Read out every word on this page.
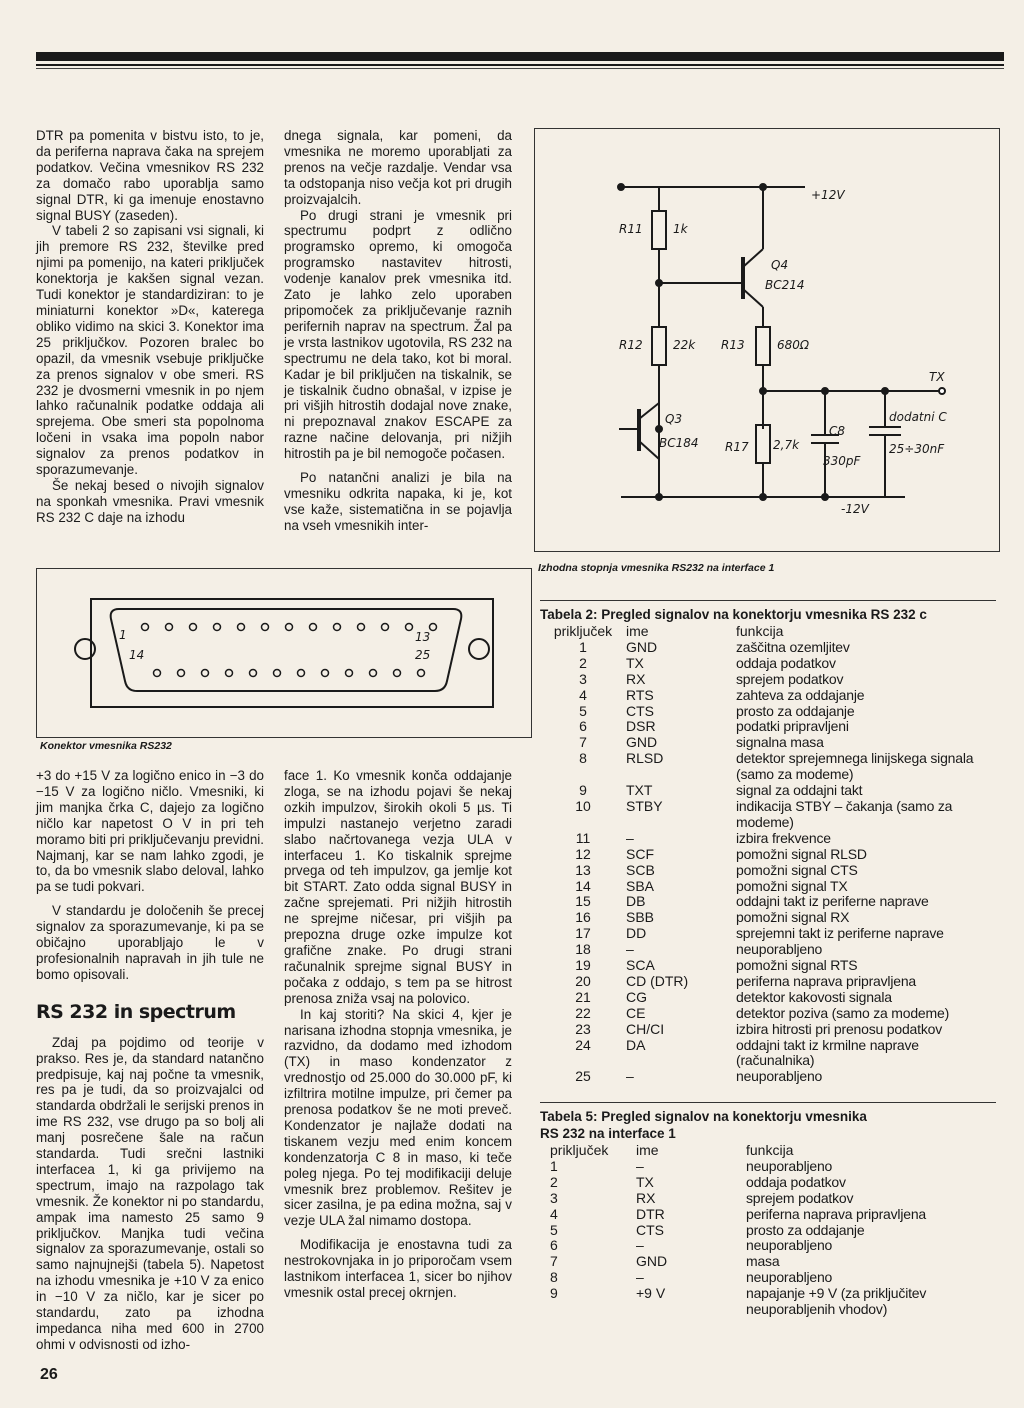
DTR pa pomenita v bistvu isto, to je, da periferna naprava čaka na sprejem podatkov. Večina vmesnikov RS 232 za domačo rabo uporablja samo signal DTR, ki ga imenuje enostavno signal BUSY (zaseden).

V tabeli 2 so zapisani vsi signali, ki jih premore RS 232, številke pred njimi pa pomenijo, na kateri priključek konektorja je kakšen signal vezan. Tudi konektor je standardiziran: to je miniaturni konektor »D«, katerega obliko vidimo na skici 3. Konektor ima 25 priključkov. Pozoren bralec bo opazil, da vmesnik vsebuje priključke za prenos signalov v obe smeri. RS 232 je dvosmerni vmesnik in po njem lahko računalnik podatke oddaja ali sprejema. Obe smeri sta popolnoma ločeni in vsaka ima popoln nabor signalov za prenos podatkov in sporazumevanje.

Še nekaj besed o nivojih signalov na sponkah vmesnika. Pravi vmesnik RS 232 C daje na izhodu

dnega signala, kar pomeni, da vmesnika ne moremo uporabljati za prenos na večje razdalje. Vendar vsa ta odstopanja niso večja kot pri drugih proizvajalcih.

Po drugi strani je vmesnik pri spectrumu podprt z odlično programsko opremo, ki omogoča programsko nastavitev hitrosti, vodenje kanalov prek vmesnika itd. Zato je lahko zelo uporaben pripomoček za priključevanje raznih perifernih naprav na spectrum. Žal pa je vrsta lastnikov ugotovila, RS 232 na spectrumu ne dela tako, kot bi moral. Kadar je bil priključen na tiskalnik, se je tiskalnik čudno obnašal, v izpise je pri višjih hitrostih dodajal nove znake, ni prepoznaval znakov ESCAPE za razne načine delovanja, pri nižjih hitrostih pa je bil nemogoče počasen.

Po natančni analizi je bila na vmesniku odkrita napaka, ki je, kot vse kaže, sistematična in se pojavlja na vseh vmesnikih inter-

+12V
R11	1k
Q4
BC214
R12	22k R13	680Ω
TX
Q3
BC184 R17 2,7k
C8
330pF
dodatni C
25÷30nF
-12V
Izhodna stopnja vmesnika RS232 na interface 1
1	13
14	25
Konektor vmesnika RS232

+3 do +15 V za logično enico in −3 do −15 V za logično ničlo. Vmesniki, ki jim manjka črka C, dajejo za logično ničlo kar napetost O V in pri teh moramo biti pri priključevanju previdni. Najmanj, kar se nam lahko zgodi, je to, da bo vmesnik slabo deloval, lahko pa se tudi pokvari.

V standardu je določenih še precej signalov za sporazumevanje, ki pa se običajno uporabljajo le v profesionalnih napravah in jih tule ne bomo opisovali.

RS 232 in spectrum

Zdaj pa pojdimo od teorije v prakso. Res je, da standard natančno predpisuje, kaj naj počne ta vmesnik, res pa je tudi, da so proizvajalci od standarda obdržali le serijski prenos in ime RS 232, vse drugo pa so bolj ali manj posrečene šale na račun standarda. Tudi srečni lastniki interfacea 1, ki ga privijemo na spectrum, imajo na razpolago tak vmesnik. Že konektor ni po standardu, ampak ima namesto 25 samo 9 priključkov. Manjka tudi večina signalov za sporazumevanje, ostali so samo najnujnejši (tabela 5). Napetost na izhodu vmesnika je +10 V za enico in −10 V za ničlo, kar je sicer po standardu, zato pa izhodna impedanca niha med 600 in 2700 ohmi v odvisnosti od izho-

face 1. Ko vmesnik konča oddajanje zloga, se na izhodu pojavi še nekaj ozkih impulzov, širokih okoli 5 µs. Ti impulzi nastanejo verjetno zaradi slabo načrtovanega vezja ULA v interfaceu 1. Ko tiskalnik sprejme prvega od teh impulzov, ga jemlje kot bit START. Zato odda signal BUSY in začne sprejemati. Pri nižjih hitrostih ne sprejme ničesar, pri višjih pa prepozna druge ozke impulze kot grafične znake. Po drugi strani računalnik sprejme signal BUSY in počaka z oddajo, s tem pa se hitrost prenosa zniža vsaj na polovico.

In kaj storiti? Na skici 4, kjer je narisana izhodna stopnja vmesnika, je razvidno, da dodamo med izhodom (TX) in maso kondenzator z vrednostjo od 25.000 do 30.000 pF, ki izfiltrira motilne impulze, pri čemer pa prenosa podatkov še ne moti preveč. Kondenzator je najlaže dodati na tiskanem vezju med enim koncem kondenzatorja C 8 in maso, ki teče poleg njega. Po tej modifikaciji deluje vmesnik brez problemov. Rešitev je sicer zasilna, je pa edina možna, saj v vezje ULA žal nimamo dostopa.

Modifikacija je enostavna tudi za nestrokovnjaka in jo priporočam vsem lastnikom interfacea 1, sicer bo njihov vmesnik ostal precej okrnjen.

Tabela 2: Pregled signalov na konektorju vmesnika RS 232 c
priključek	ime	funkcija
1	GND	zaščitna ozemljitev
2	TX	oddaja podatkov
3	RX	sprejem podatkov
4	RTS	zahteva za oddajanje
5	CTS	prosto za oddajanje
6	DSR	podatki pripravljeni
7	GND	signalna masa
8	RLSD	detektor sprejemnega linijskega signala (samo za modeme)
9	TXT	signal za oddajni takt
10	STBY	indikacija STBY – čakanja (samo za modeme)
11	–	izbira frekvence
12	SCF	pomožni signal RLSD
13	SCB	pomožni signal CTS
14	SBA	pomožni signal TX
15	DB	oddajni takt iz periferne naprave
16	SBB	pomožni signal RX
17	DD	sprejemni takt iz periferne naprave
18	–	neuporabljeno
19	SCA	pomožni signal RTS
20	CD (DTR)	periferna naprava pripravljena
21	CG	detektor kakovosti signala
22	CE	detektor poziva (samo za modeme)
23	CH/CI	izbira hitrosti pri prenosu podatkov
24	DA	oddajni takt iz krmilne naprave (računalnika)
25	–	neuporabljeno
Tabela 5: Pregled signalov na konektorju vmesnika
RS 232 na interface 1
priključek	ime	funkcija
1	–	neuporabljeno
2	TX	oddaja podatkov
3	RX	sprejem podatkov
4	DTR	periferna naprava pripravljena
5	CTS	prosto za oddajanje
6	–	neuporabljeno
7	GND	masa
8	–	neuporabljeno
9	+9 V	napajanje +9 V (za priključitev neuporabljenih vhodov)
26
